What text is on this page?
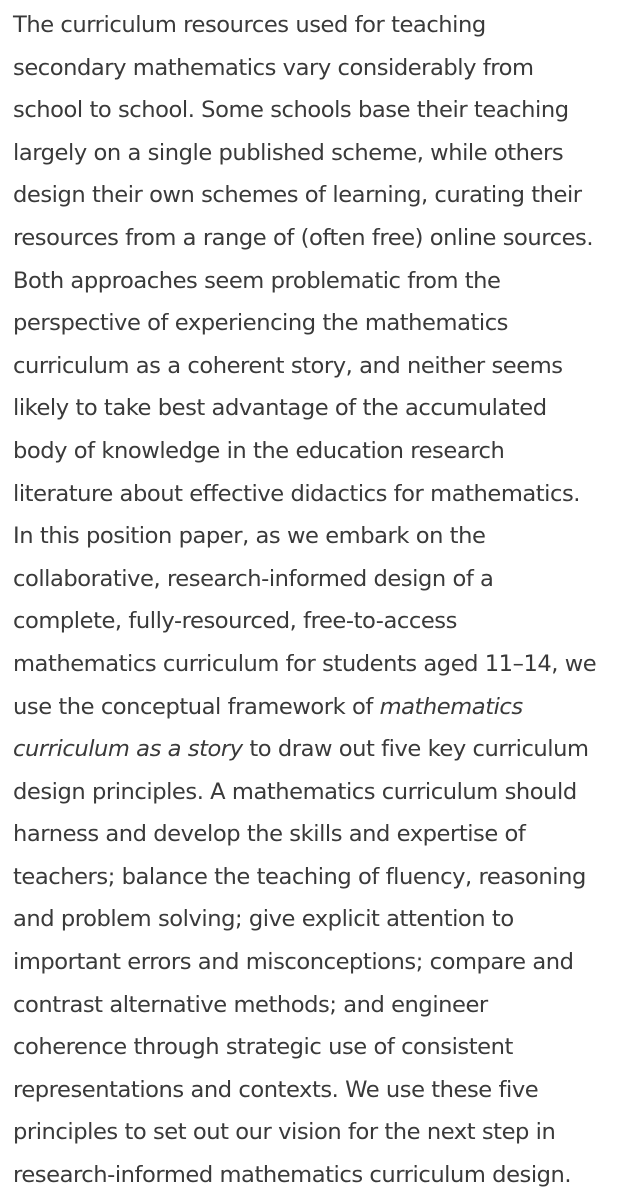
The curriculum resources used for teaching
secondary mathematics vary considerably from
school to school. Some schools base their teaching
largely on a single published scheme, while others
design their own schemes of learning, curating their
resources from a range of (often free) online sources.
Both approaches seem problematic from the
perspective of experiencing the mathematics
curriculum as a coherent story, and neither seems
likely to take best advantage of the accumulated
body of knowledge in the education research
literature about effective didactics for mathematics.
In this position paper, as we embark on the
collaborative, research-informed design of a
complete, fully-resourced, free-to-access
mathematics curriculum for students aged 11–14, we
use the conceptual framework of mathematics
curriculum as a story to draw out five key curriculum
design principles. A mathematics curriculum should
harness and develop the skills and expertise of
teachers; balance the teaching of fluency, reasoning
and problem solving; give explicit attention to
important errors and misconceptions; compare and
contrast alternative methods; and engineer
coherence through strategic use of consistent
representations and contexts. We use these five
principles to set out our vision for the next step in
research-informed mathematics curriculum design.
